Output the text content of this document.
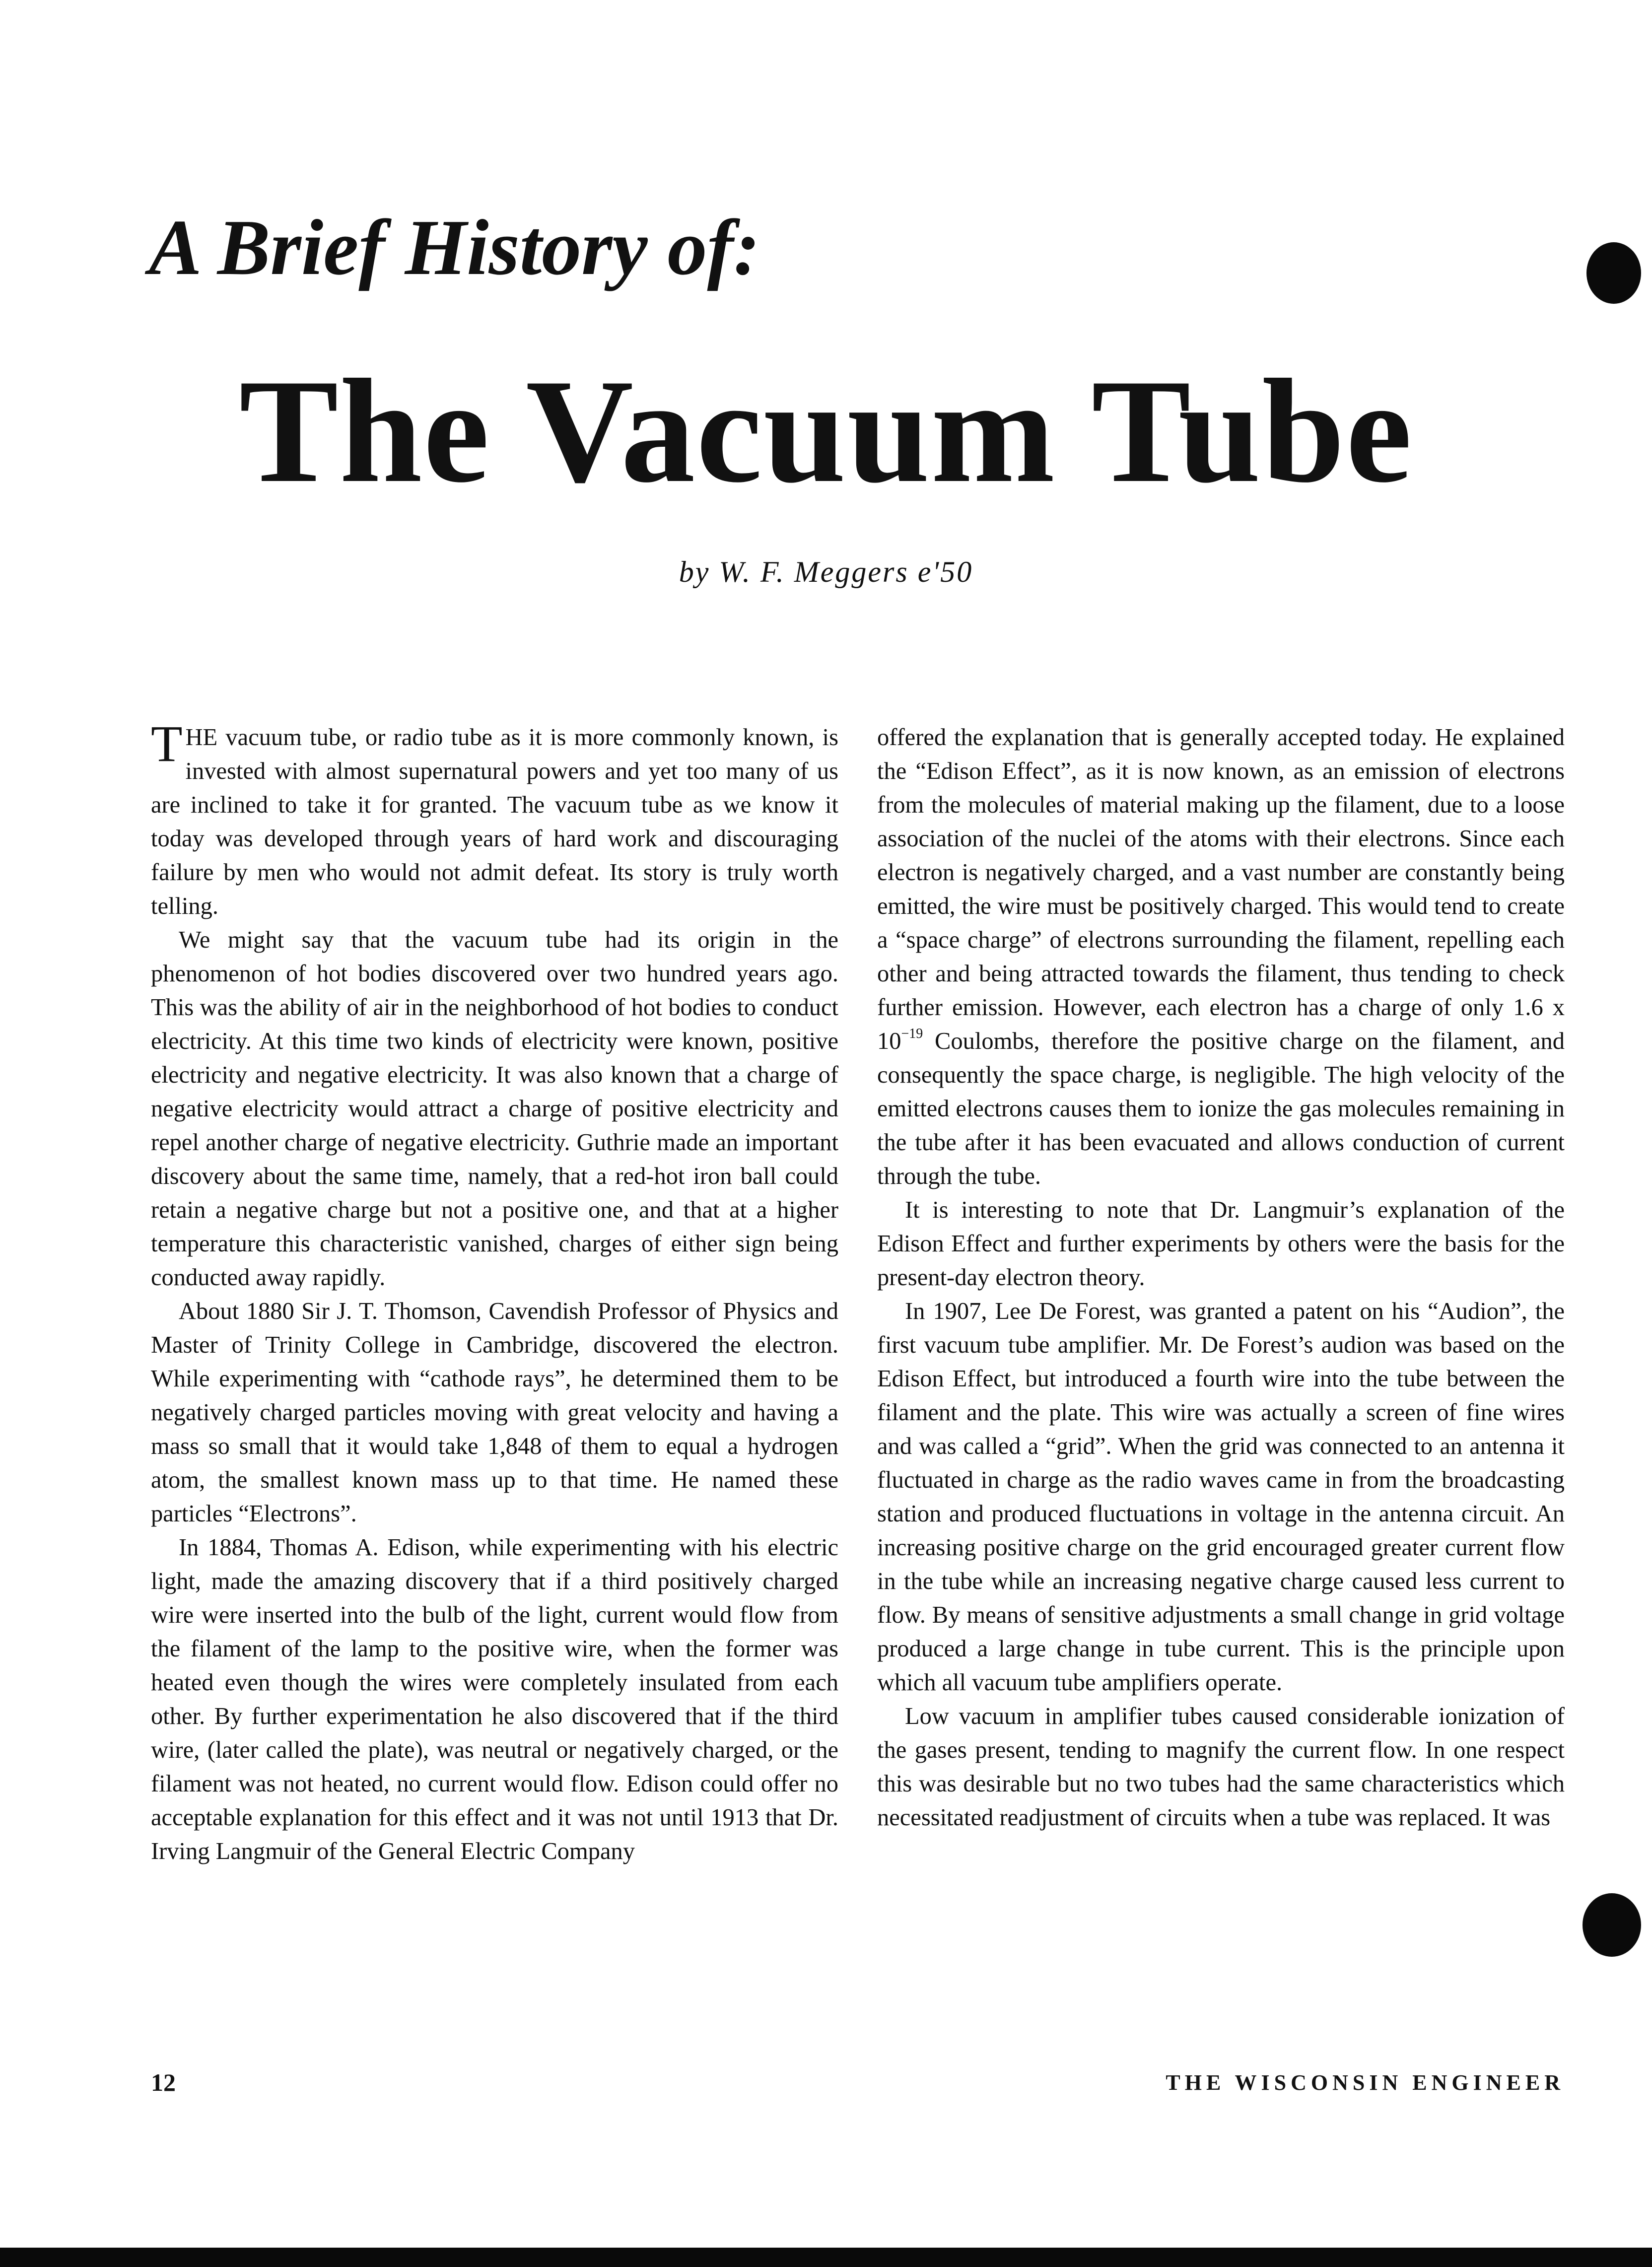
A Brief History of:
The Vacuum Tube
by W. F. Meggers e'50

THE vacuum tube, or radio tube as it is more commonly known, is invested with almost supernatural powers and yet too many of us are inclined to take it for granted. The vacuum tube as we know it today was developed through years of hard work and discouraging failure by men who would not admit defeat. Its story is truly worth telling.

We might say that the vacuum tube had its origin in the phenomenon of hot bodies discovered over two hundred years ago. This was the ability of air in the neighborhood of hot bodies to conduct electricity. At this time two kinds of electricity were known, positive electricity and negative electricity. It was also known that a charge of negative electricity would attract a charge of positive electricity and repel another charge of negative electricity. Guthrie made an important discovery about the same time, namely, that a red-hot iron ball could retain a negative charge but not a positive one, and that at a higher temperature this characteristic vanished, charges of either sign being conducted away rapidly.

About 1880 Sir J. T. Thomson, Cavendish Professor of Physics and Master of Trinity College in Cambridge, discovered the electron. While experimenting with “cathode rays”, he determined them to be negatively charged particles moving with great velocity and having a mass so small that it would take 1,848 of them to equal a hydrogen atom, the smallest known mass up to that time. He named these particles “Electrons”.

In 1884, Thomas A. Edison, while experimenting with his electric light, made the amazing discovery that if a third positively charged wire were inserted into the bulb of the light, current would flow from the filament of the lamp to the positive wire, when the former was heated even though the wires were completely insulated from each other. By further experimentation he also discovered that if the third wire, (later called the plate), was neutral or negatively charged, or the filament was not heated, no current would flow. Edison could offer no acceptable explanation for this effect and it was not until 1913 that Dr. Irving Langmuir of the General Electric Company

offered the explanation that is generally accepted today. He explained the “Edison Effect”, as it is now known, as an emission of electrons from the molecules of material making up the filament, due to a loose association of the nuclei of the atoms with their electrons. Since each electron is negatively charged, and a vast number are constantly being emitted, the wire must be positively charged. This would tend to create a “space charge” of electrons surrounding the filament, repelling each other and being attracted towards the filament, thus tending to check further emission. However, each electron has a charge of only 1.6 x $10^{-19}$ Coulombs, therefore the positive charge on the filament, and consequently the space charge, is negligible. The high velocity of the emitted electrons causes them to ionize the gas molecules remaining in the tube after it has been evacuated and allows conduction of current through the tube.

It is interesting to note that Dr. Langmuir’s explanation of the Edison Effect and further experiments by others were the basis for the present-day electron theory.

In 1907, Lee De Forest, was granted a patent on his “Audion”, the first vacuum tube amplifier. Mr. De Forest’s audion was based on the Edison Effect, but introduced a fourth wire into the tube between the filament and the plate. This wire was actually a screen of fine wires and was called a “grid”. When the grid was connected to an antenna it fluctuated in charge as the radio waves came in from the broadcasting station and produced fluctuations in voltage in the antenna circuit. An increasing positive charge on the grid encouraged greater current flow in the tube while an increasing negative charge caused less current to flow. By means of sensitive adjustments a small change in grid voltage produced a large change in tube current. This is the principle upon which all vacuum tube amplifiers operate.

Low vacuum in amplifier tubes caused considerable ionization of the gases present, tending to magnify the current flow. In one respect this was desirable but no two tubes had the same characteristics which necessitated readjustment of circuits when a tube was replaced. It was

12	THE WISCONSIN ENGINEER
